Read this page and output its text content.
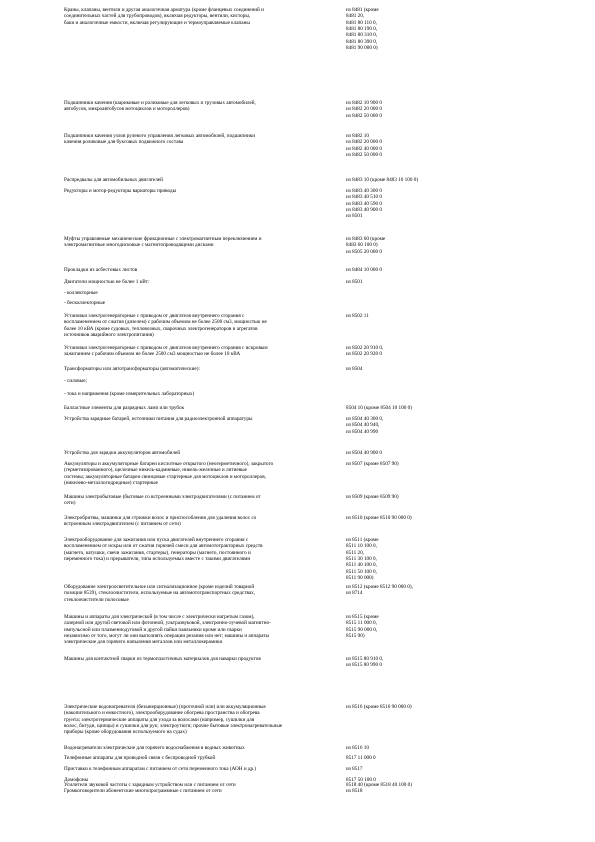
Краны, клапаны, вентили и другая аналогичная арматура (кроме фланцевых соединений и
соединительных частей для трубопроводов), включая редукторы, вентили, кисторы,
баки и аналогичные емкости, включая регулирующие и термоуправляемые клапаны
из 8481 (кроме
8481 20,
8481 80 110 0,
8481 80 190 0,
8481 80 310 0,
8481 80 390 0,
8481 90 000 0)
Подшипники качения (шариковые и роликовые для легковых и грузовых автомобилей,
автобусов, микроавтобусов мотоциклов и мотороллеров)
из 8482 10 900 0
из 8482 20 000 0
из 8482 50 000 0
Подшипники качения узлов рулевого управления легковых автомобилей, подшипники
качения роликовые для буксовых подвижного состава
из 8482 10
из 8482 20 000 0
из 8482 40 000 0
из 8482 50 000 0
Распредвалы для автомобильных двигателей	из 8483 10 (кроме 8483 10 100 0)
Редукторы и мотор-редукторы вариаторы приводы	из 8483 40 300 0
из 8483 40 510 0
из 8483 40 590 0
из 8483 40 900 0
из 8501
Муфты управляемые механические фрикционные с электромагнитным переключением и
электромагнитные многодисковые с магнитопроводящими дисками
из 8483 60 (кроме
8483 60 100 0)
из 8505 20 000 0
Прокладки из асбестовых листов	из 8484 10 000 0
Двигатели мощностью не более 1 кВт:	из 8501
- коллекторные
- бесколлекторные
Установки электрогенераторные с приводом от двигателя внутреннего сгорания с
воспламенением от сжатия (дизелем) с рабочим объемом не более 2500 см3, мощностью не
более 10 кВА (кроме судовых, тепловозных, сварочных электрогенераторов и агрегатов
источников аварийного электропитания)
из 8502 11
Установки электрогенераторные с приводом от двигателя внутреннего сгорания с искровым
зажиганием с рабочим объемом не более 2500 см3 мощностью не более 10 кВА
из 8502 20 910 0,
из 8502 20 920 0
Трансформаторы или автотрансформаторы (автоматические):	из 8504
- силовые;
- тока и напряжения (кроме измерительных лабораторных)
Балластные элементы для разрядных ламп или трубок	8504 10 (кроме 8504 10 100 0)
Устройства зарядные батарей, источники питания для радиоэлектронной аппаратуры	из 8504 40 300 0,
из 8504 40 940,
из 8504 40 990
Устройства для зарядки аккумуляторов автомобилей	из 8504 40 900 0
Аккумуляторы и аккумуляторные батареи кислотные открытого (неогерметичного), закрытого
(герметизированного), щелочные никель-кадмиевые, никель-железные и литиевые
системы; аккумуляторные батареи свинцовые стартерные для мотоциклов и мотороллеров,
(никелево-металлогидридные) стартерные
из 8507 (кроме 8507 90)
Машины электробытовые (бытовые со встроенными электродвигателями (с питанием от
сети)
из 8509 (кроме 8509 90)
Электробритвы, машинки для стрижки волос и приспособления для удаления волос со
встроенным электродвигателем (с питанием от сети)
из 8510 (кроме 8510 90 000 0)
Электрооборудование для зажигания или пуска двигателей внутреннего сгорания с
воспламенением от искры или от сжатия горючей смеси для автомототракторных средств
(магнето, катушки, свечи зажигания, стартеры), генераторы (магнето, постоянного и
переменного тока) и прерыватели, типа используемых вместе с такими двигателями
из 8511 (кроме
8511 10 100 0,
8511 20,
8511 30 100 0,
8511 40 100 0,
8511 50 100 0,
8511 90 000)
Оборудование электроосветительное или сигнализационное (кроме изделий товарной
позиции 8539), стеклоочистители, используемые на автомототранспортных средствах,
стеклоочистители полосовые
из 8512 (кроме 8512 90 000 0),
из 8714
Машины и аппараты для электрической (в том числе с электрически нагретым газом),
лазерной или другой световой или фотонной, ультразвуковой, электронно-лучевой магнитно-
импульсной или плазменнодуговой и другой пайки паяльники кроме или сварки
независимо от того, могут ли они выполнять операции резания или нет; машины и аппараты
электрические для горячего напыления металлов или металлокерамики
из 8515 (кроме
8515 11 000 0,
8515 90 000 0,
8515 90)
Машины для контактной сварки из термопластичных материалов для наварки продуктов	из 8515 80 910 0,
из 8515 80 990 0
Электрические водонагреватели (безынерционные) (проточной или) или аккумуляционные
(накопительного и емкостного), электрооборудование обогрева пространства и обогрева
грунта; электротермические аппараты для ухода за волосами (например, сушилки для
волос, бигуди, щипцы) и сушилки для рук; электроутюги; прочие бытовые электронагревательные
приборы (кроме оборудования используемого на судах)
из 8516 (кроме 8516 90 000 0)
Водонагреватели электрические для горячего водоснабжения в водных животных	из 8516 10
Телефонные аппараты для проводной связи с беспроводной трубкой	8517 11 000 0
Приставки к телефонным аппаратам с питанием от сети переменного тока (АОН и др.)	из 8517
Домофоны	8517 50 100 0
Громкоговорители абонентские многопрограммные с питанием от сети	из 8518
Усилители звуковой частоты с зарядным устройством или с питанием от сети	8518 40 (кроме 8518 40 100 0)
